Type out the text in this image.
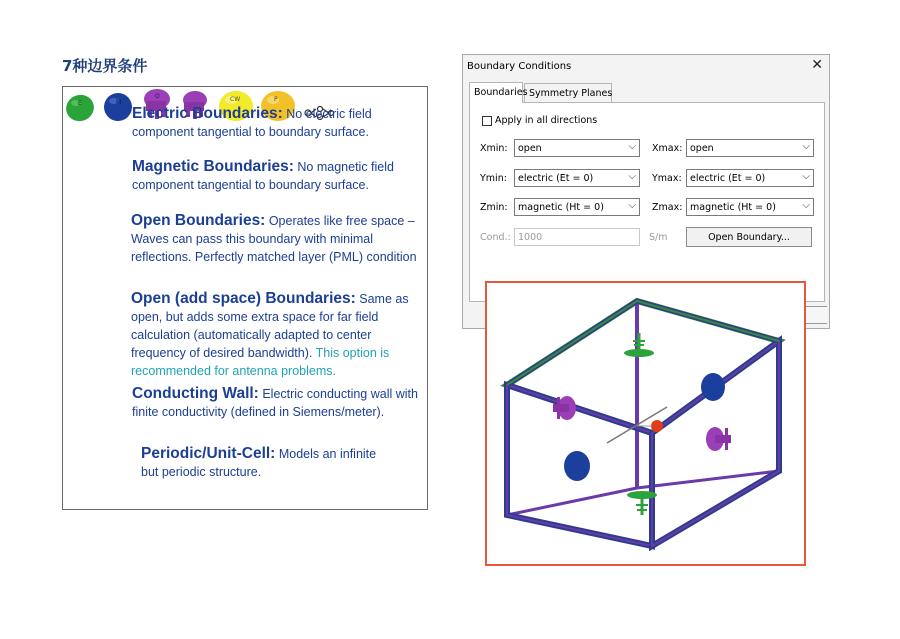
7种边界条件
E

Electric Boundaries: No electric field
component tangential to boundary surface.
M

Magnetic Boundaries: No magnetic field
component tangential to boundary surface.
O

Open Boundaries: Operates like free space –
Waves can pass this boundary with minimal
reflections. Perfectly matched layer (PML) condition

Open (add space) Boundaries: Same as
open, but adds some extra space for far field
calculation (automatically adapted to center
frequency of desired bandwidth). This option is
recommended for antenna problems.
CW

Conducting Wall: Electric conducting wall with
finite conductivity (defined in Siemens/meter).
P

Periodic/Unit-Cell: Models an infinite
but periodic structure.
Boundary Conditions	✕
Boundaries Symmetry Planes
Apply in all directions
Xmin:	open	⌵ Xmax: open	⌵
Ymin:	electric (Et = 0)	⌵ Ymax: electric (Et = 0)	⌵
Zmin:	magnetic (Ht = 0) ⌵ Zmax: magnetic (Ht = 0)	⌵
Cond.: 1000	S/m	Open Boundary...
